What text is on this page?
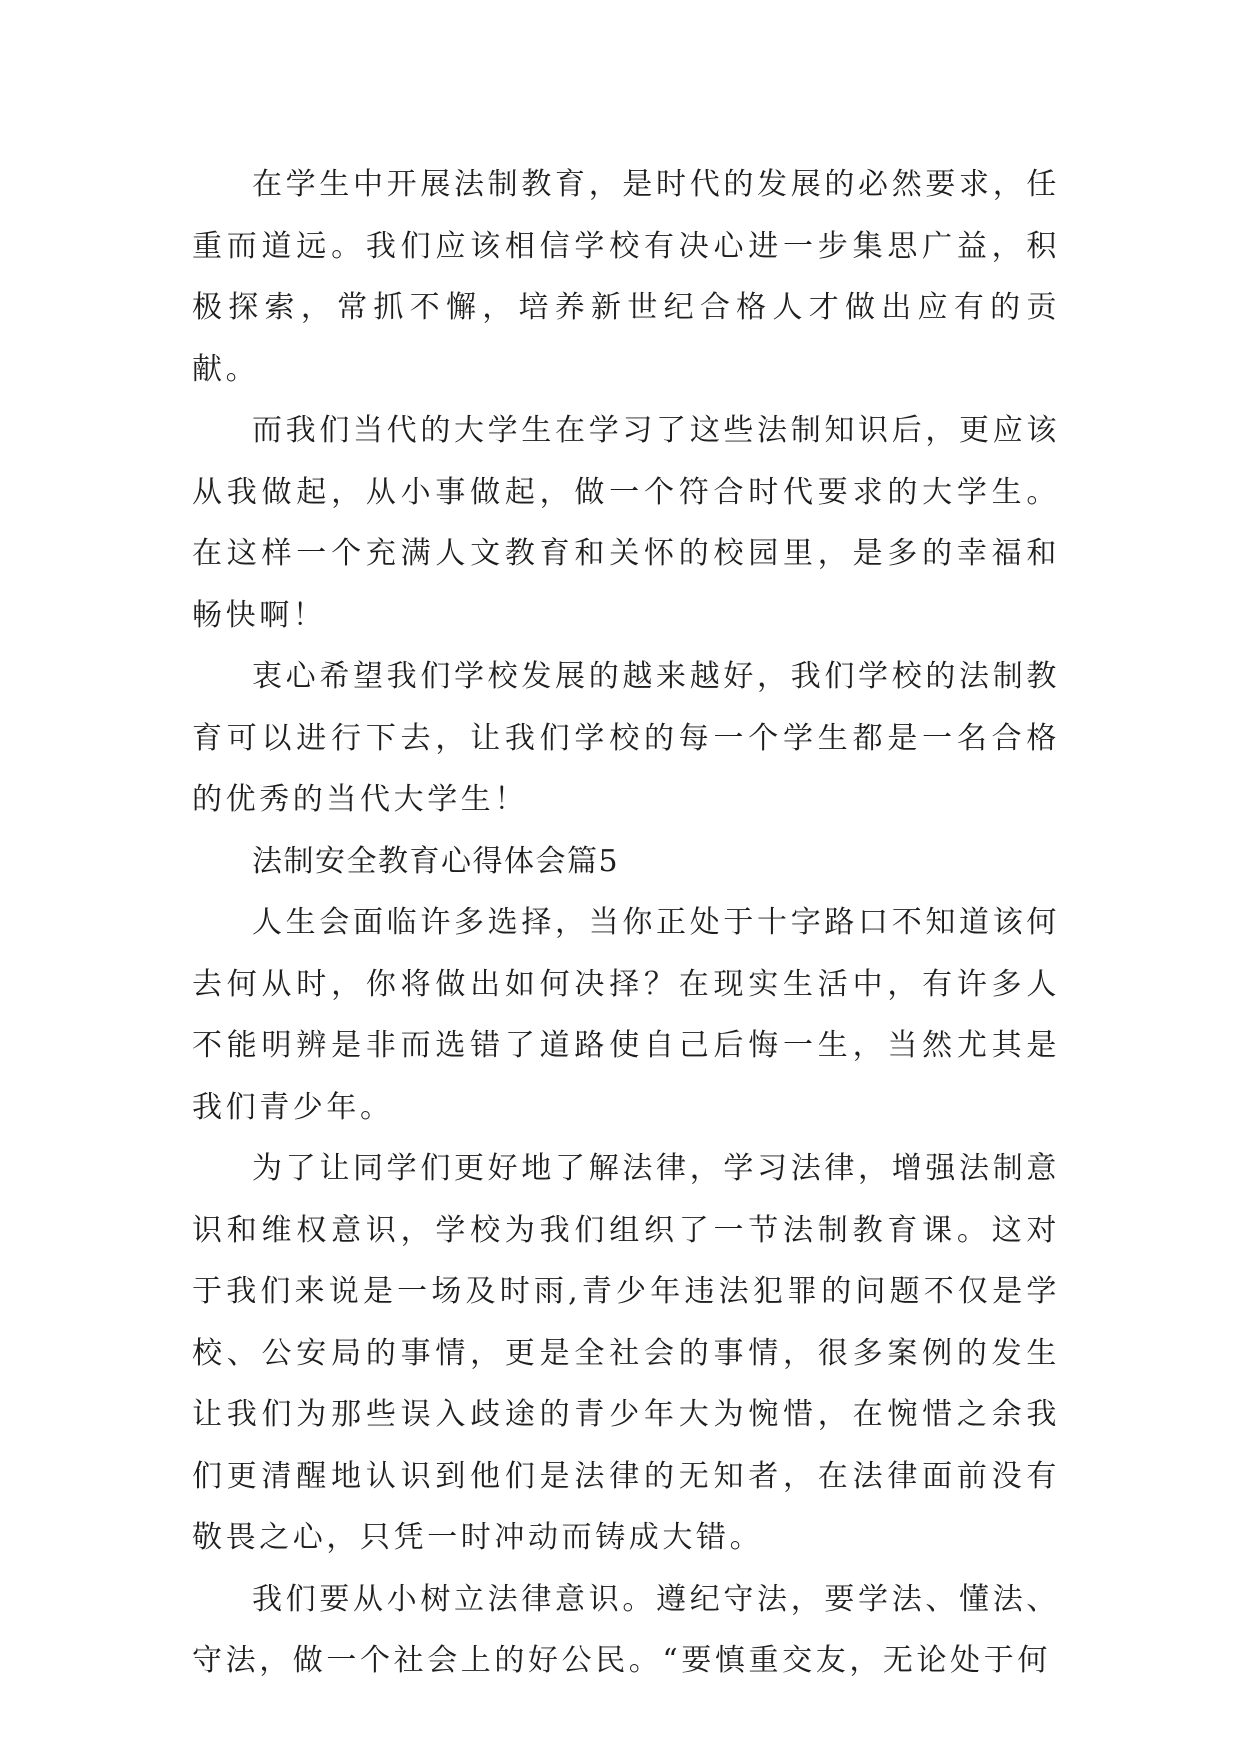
在学生中开展法制教育，是时代的发展的必然要求，任重而道远。我们应该相信学校有决心进一步集思广益，积极探索，常抓不懈，培养新世纪合格人才做出应有的贡献。

而我们当代的大学生在学习了这些法制知识后，更应该从我做起，从小事做起，做一个符合时代要求的大学生。在这样一个充满人文教育和关怀的校园里，是多的幸福和畅快啊！

衷心希望我们学校发展的越来越好，我们学校的法制教育可以进行下去，让我们学校的每一个学生都是一名合格的优秀的当代大学生！

法制安全教育心得体会篇5

人生会面临许多选择，当你正处于十字路口不知道该何去何从时，你将做出如何决择？在现实生活中，有许多人不能明辨是非而选错了道路使自己后悔一生，当然尤其是我们青少年。

为了让同学们更好地了解法律，学习法律，增强法制意识和维权意识，学校为我们组织了一节法制教育课。这对于我们来说是一场及时雨,青少年违法犯罪的问题不仅是学校、公安局的事情，更是全社会的事情，很多案例的发生让我们为那些误入歧途的青少年大为惋惜，在惋惜之余我们更清醒地认识到他们是法律的无知者，在法律面前没有敬畏之心，只凭一时冲动而铸成大错。

我们要从小树立法律意识。遵纪守法，要学法、懂法、守法，做一个社会上的好公民。“要慎重交友，无论处于何
